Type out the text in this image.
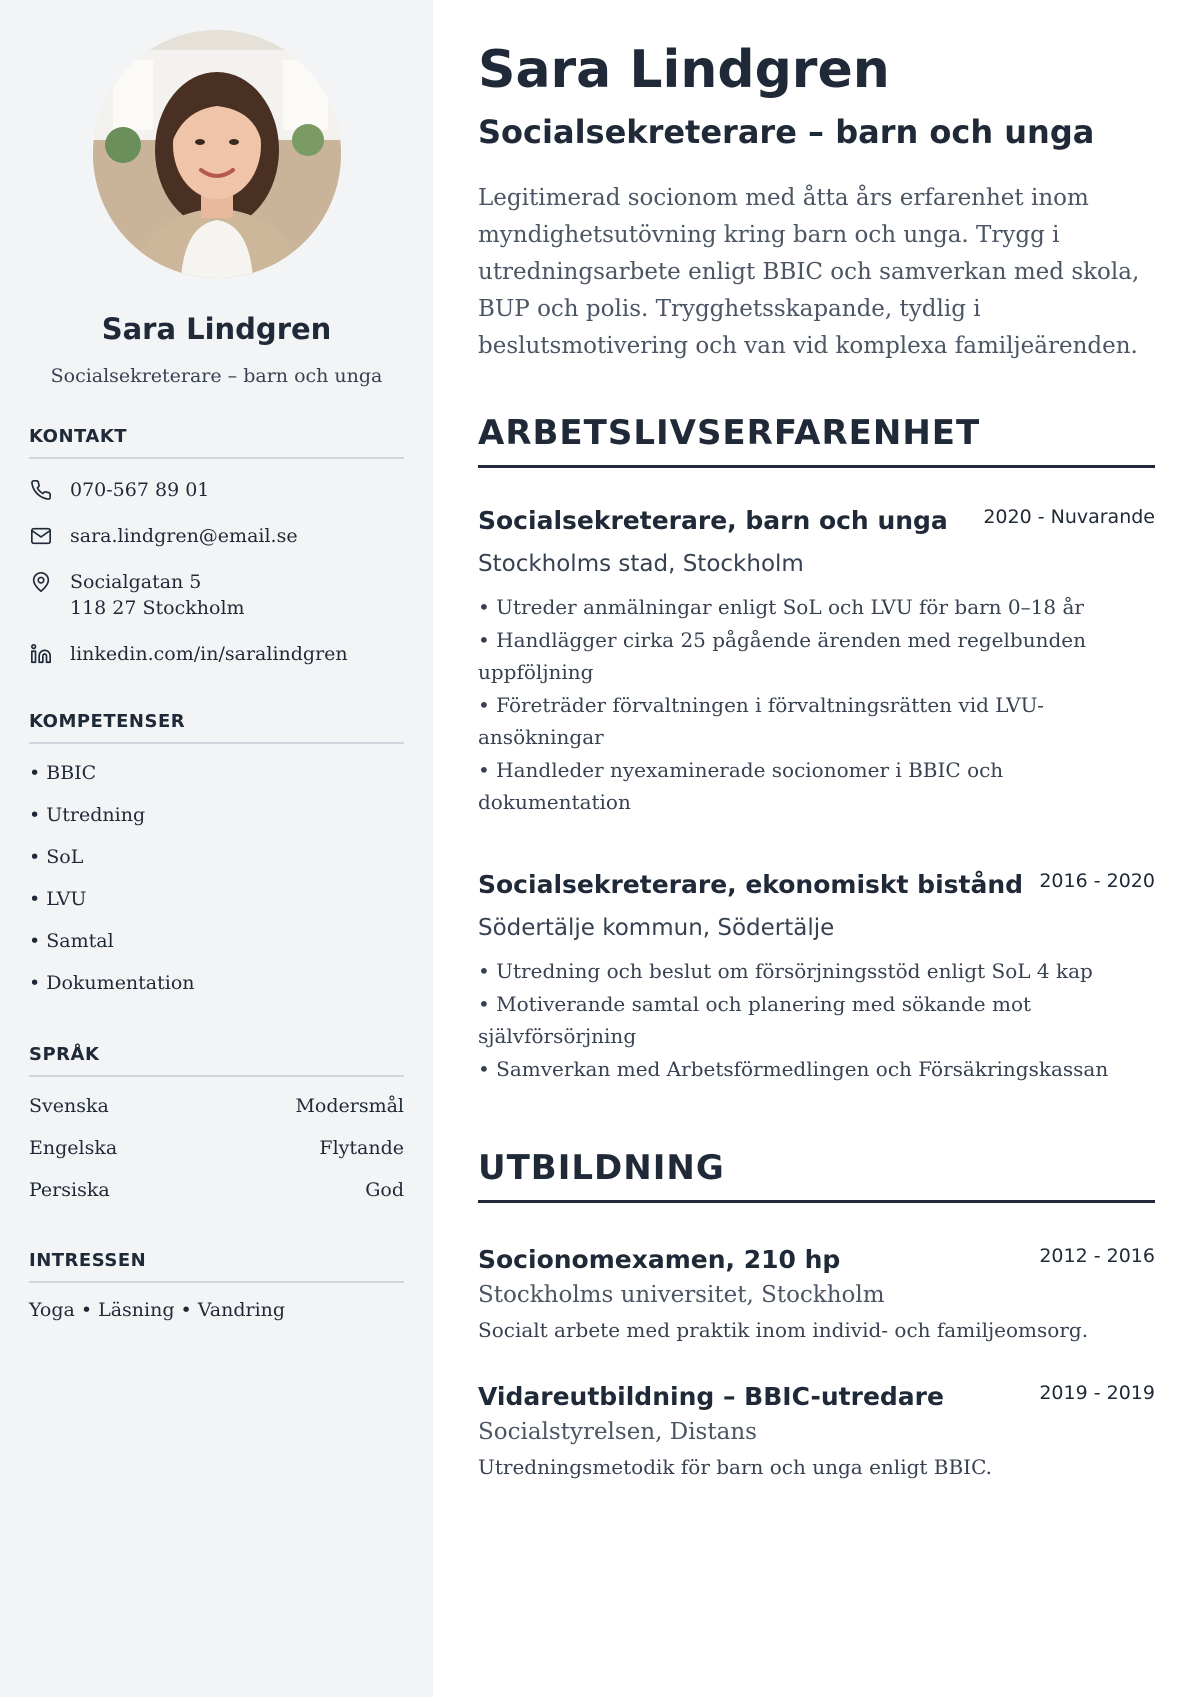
Sara Lindgren
Socialsekreterare – barn och unga
KONTAKT
070-567 89 01
sara.lindgren@email.se
Socialgatan 5
118 27 Stockholm
linkedin.com/in/saralindgren
KOMPETENSER
• BBIC
• Utredning
• SoL
• LVU
• Samtal
• Dokumentation
SPRÅK
Svenska	Modersmål
Engelska	Flytande
Persiska	God
INTRESSEN
Yoga • Läsning • Vandring
Sara Lindgren
Socialsekreterare – barn och unga

Legitimerad socionom med åtta års erfarenhet inom myndighetsutövning kring barn och unga. Trygg i utredningsarbete enligt BBIC och samverkan med skola, BUP och polis. Trygghetsskapande, tydlig i beslutsmotivering och van vid komplexa familjeärenden.

ARBETSLIVSERFARENHET
Socialsekreterare, barn och unga 2020 - Nuvarande
Stockholms stad, Stockholm
• Utreder anmälningar enligt SoL och LVU för barn 0–18 år
• Handlägger cirka 25 pågående ärenden med regelbunden uppföljning
• Företräder förvaltningen i förvaltningsrätten vid LVU-ansökningar
• Handleder nyexaminerade socionomer i BBIC och dokumentation
Socialsekreterare, ekonomiskt bistånd 2016 - 2020
Södertälje kommun, Södertälje
• Utredning och beslut om försörjningsstöd enligt SoL 4 kap
• Motiverande samtal och planering med sökande mot självförsörjning
• Samverkan med Arbetsförmedlingen och Försäkringskassan
UTBILDNING
Socionomexamen, 210 hp	2012 - 2016
Stockholms universitet, Stockholm
Socialt arbete med praktik inom individ- och familjeomsorg.
Vidareutbildning – BBIC-utredare	2019 - 2019
Socialstyrelsen, Distans
Utredningsmetodik för barn och unga enligt BBIC.
